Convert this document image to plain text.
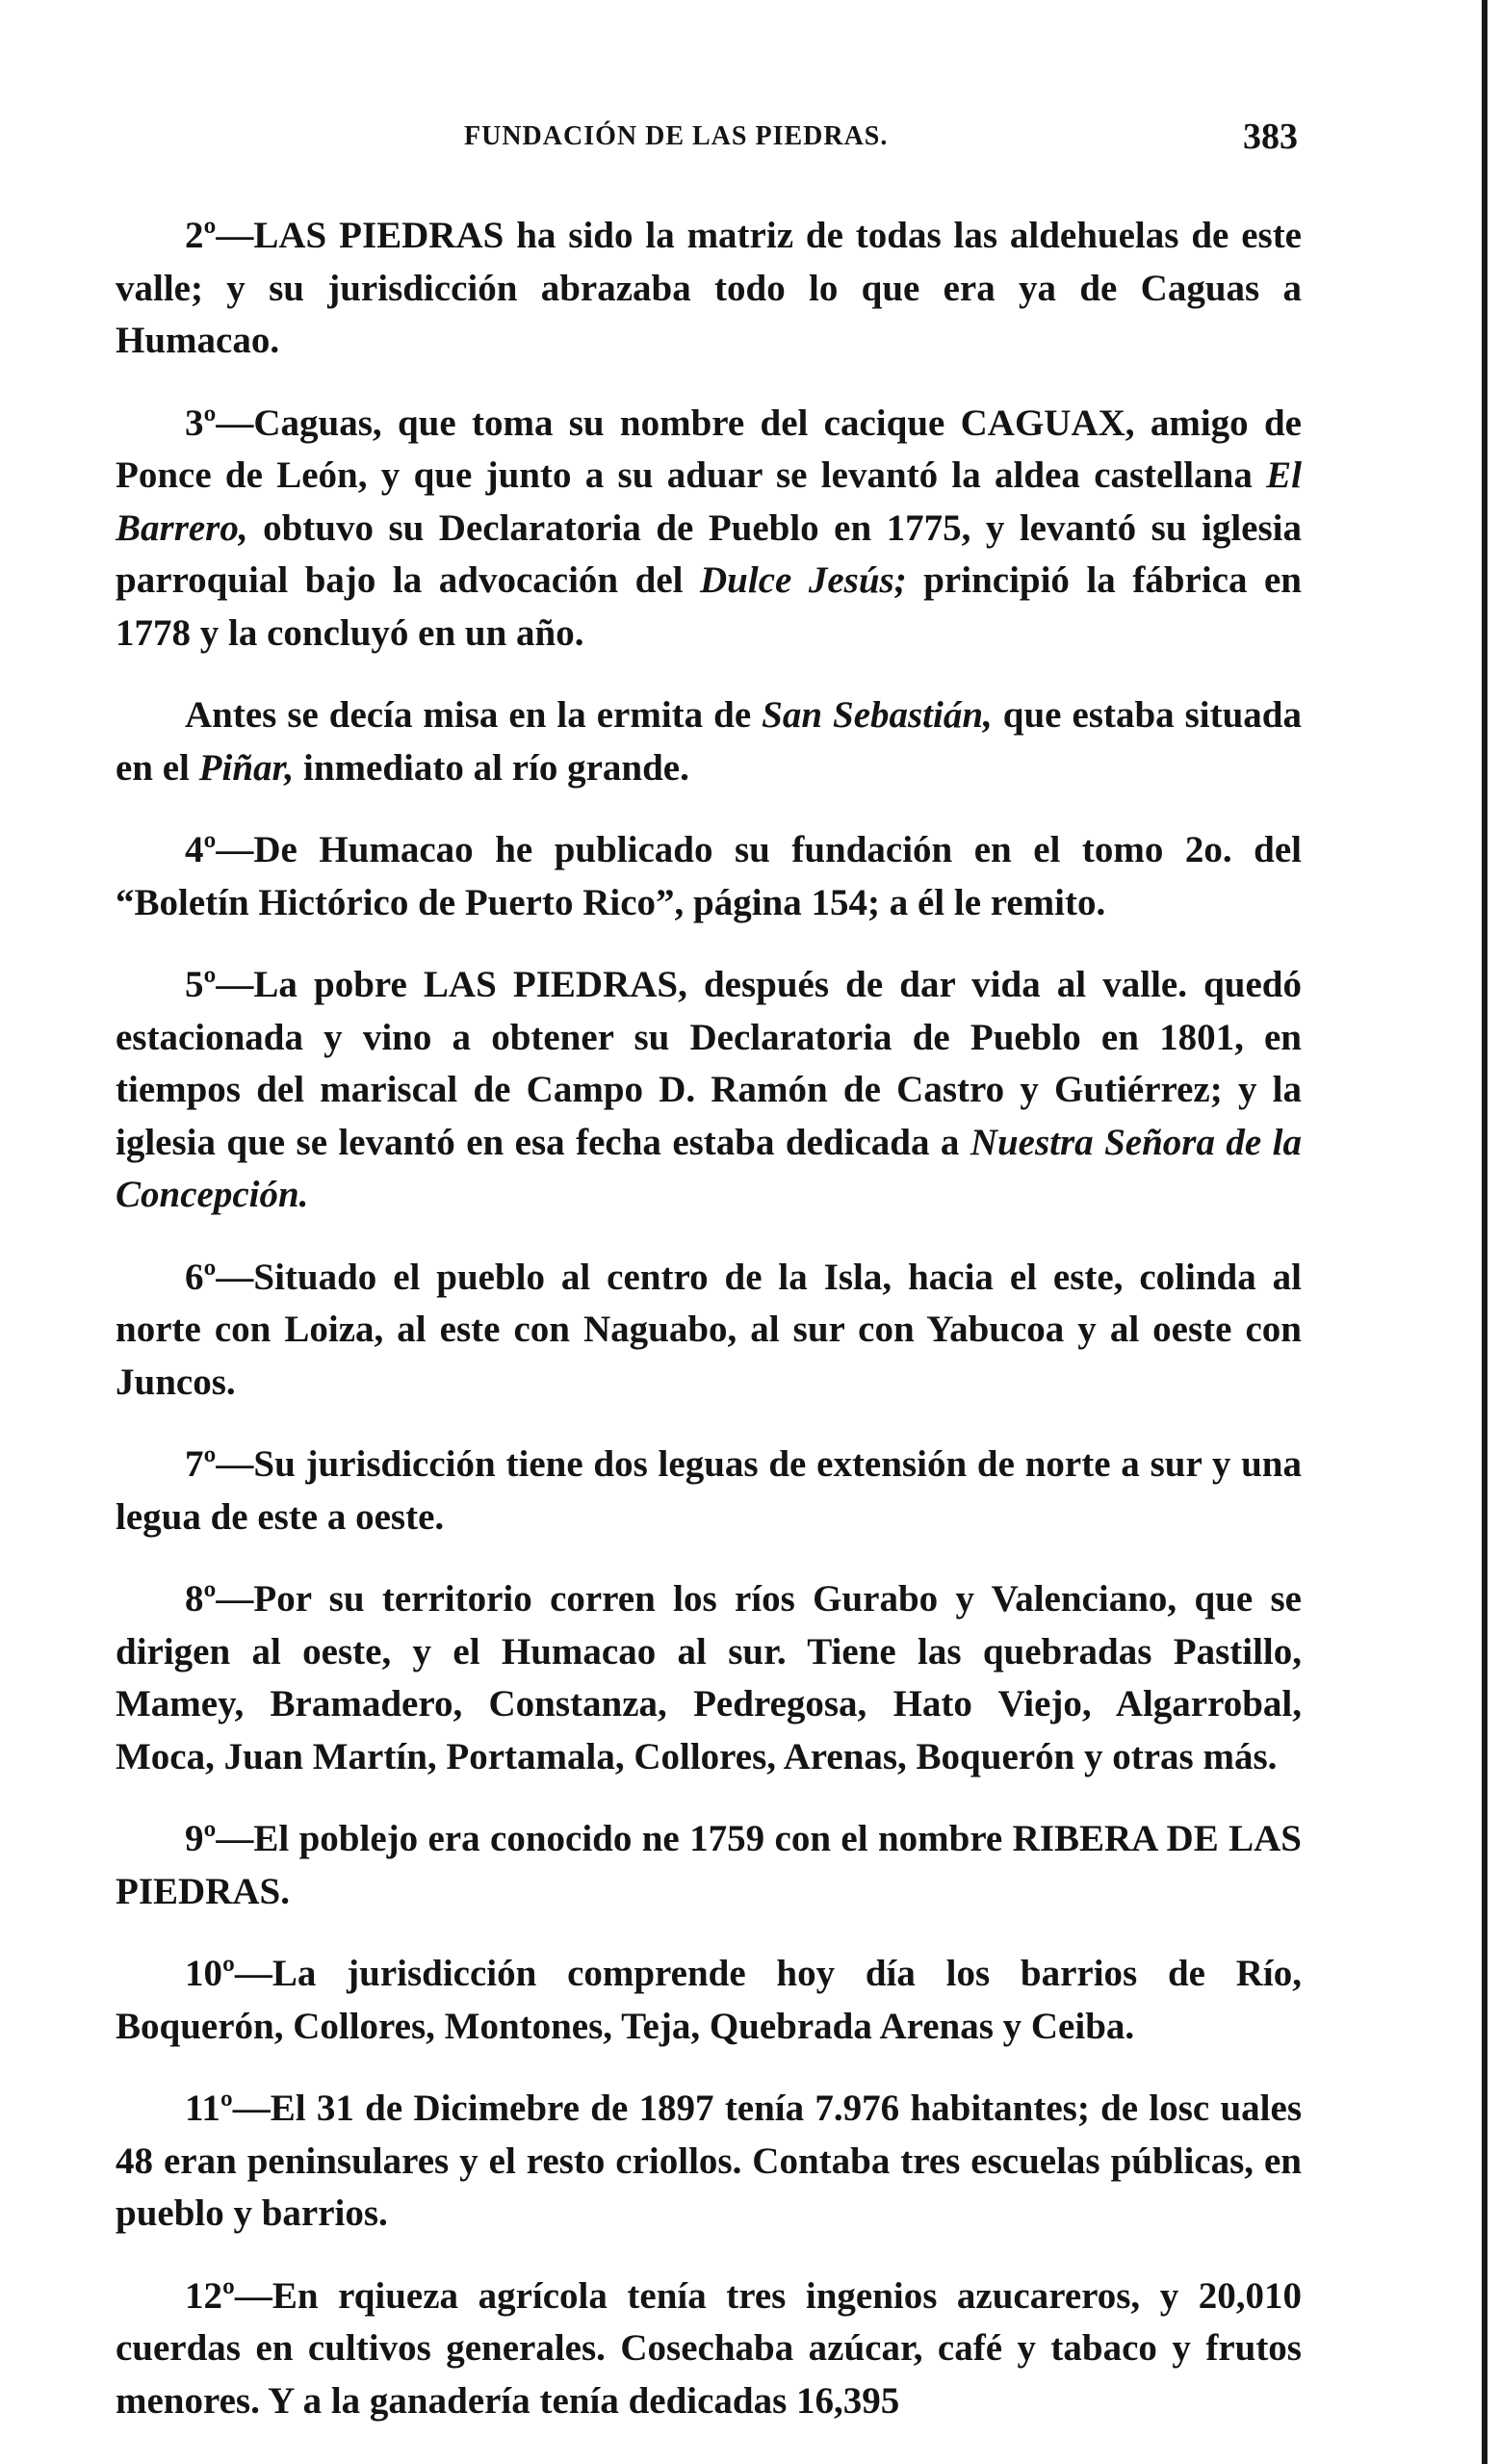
FUNDACIÓN DE LAS PIEDRAS.	383

2º—LAS PIEDRAS ha sido la matriz de todas las aldehuelas de este valle; y su jurisdicción abrazaba todo lo que era ya de Caguas a Humacao.

3º—Caguas, que toma su nombre del cacique CAGUAX, amigo de Ponce de León, y que junto a su aduar se levantó la aldea castellana El Barrero, obtuvo su Declaratoria de Pueblo en 1775, y levantó su iglesia parroquial bajo la advocación del Dulce Jesús; principió la fábrica en 1778 y la concluyó en un año.

Antes se decía misa en la ermita de San Sebastián, que estaba situada en el Piñar, inmediato al río grande.

4º—De Humacao he publicado su fundación en el tomo 2o. del “Boletín Hictórico de Puerto Rico”, página 154; a él le remito.

5º—La pobre LAS PIEDRAS, después de dar vida al valle. quedó estacionada y vino a obtener su Declaratoria de Pueblo en 1801, en tiempos del mariscal de Campo D. Ramón de Castro y Gutiérrez; y la iglesia que se levantó en esa fecha estaba dedicada a Nuestra Señora de la Concepción.

6º—Situado el pueblo al centro de la Isla, hacia el este, colinda al norte con Loiza, al este con Naguabo, al sur con Yabucoa y al oeste con Juncos.

7º—Su jurisdicción tiene dos leguas de extensión de norte a sur y una legua de este a oeste.

8º—Por su territorio corren los ríos Gurabo y Valenciano, que se dirigen al oeste, y el Humacao al sur. Tiene las quebradas Pastillo, Mamey, Bramadero, Constanza, Pedregosa, Hato Viejo, Algarrobal, Moca, Juan Martín, Portamala, Collores, Arenas, Boquerón y otras más.

9º—El poblejo era conocido ne 1759 con el nombre RIBERA DE LAS PIEDRAS.

10º—La jurisdicción comprende hoy día los barrios de Río, Boquerón, Collores, Montones, Teja, Quebrada Arenas y Ceiba.

11º—El 31 de Dicimebre de 1897 tenía 7.976 habitantes; de losc uales 48 eran peninsulares y el resto criollos. Contaba tres escuelas públicas, en pueblo y barrios.

12º—En rqiueza agrícola tenía tres ingenios azucareros, y 20,010 cuerdas en cultivos generales. Cosechaba azúcar, café y tabaco y frutos menores. Y a la ganadería tenía dedicadas 16,395
